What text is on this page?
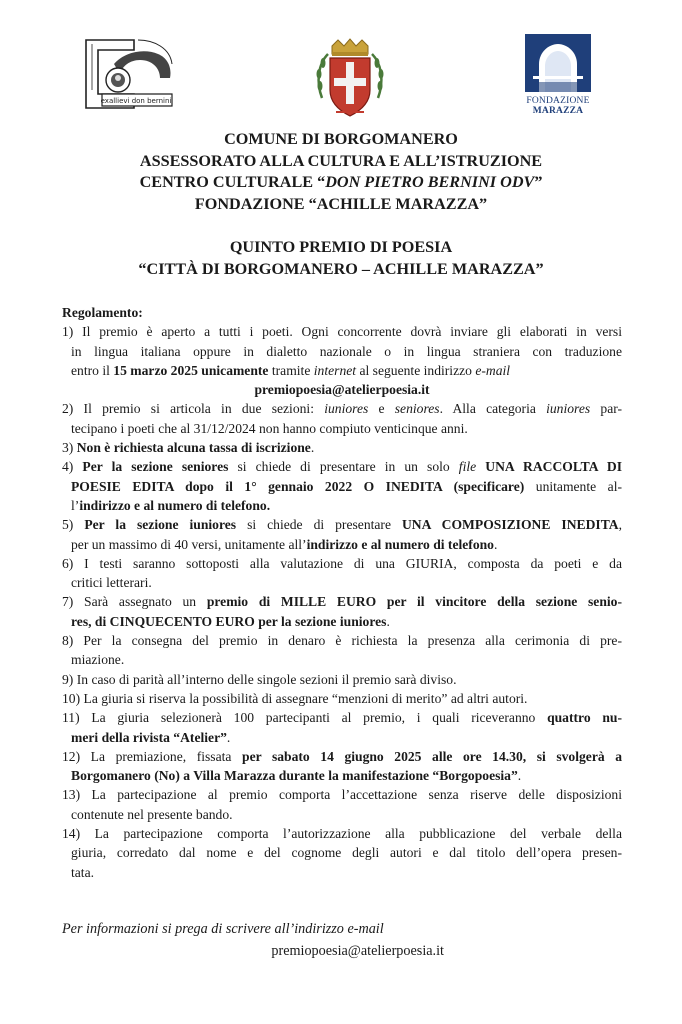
exallievi don bernini	FONDAZIONE
MARAZZA
COMUNE DI BORGOMANERO
ASSESSORATO ALLA CULTURA E ALL’ISTRUZIONE
CENTRO CULTURALE “DON PIETRO BERNINI ODV”
FONDAZIONE “ACHILLE MARAZZA”
QUINTO PREMIO DI POESIA
“CITTÀ DI BORGOMANERO – ACHILLE MARAZZA”
Regolamento:
1) Il premio è aperto a tutti i poeti. Ogni concorrente dovrà inviare gli elaborati in versi
in lingua italiana oppure in dialetto nazionale o in lingua straniera con traduzione
entro il 15 marzo 2025 unicamente tramite internet al seguente indirizzo e-mail
premiopoesia@atelierpoesia.it
2) Il premio si articola in due sezioni: iuniores e seniores. Alla categoria iuniores par-
tecipano i poeti che al 31/12/2024 non hanno compiuto venticinque anni.
3) Non è richiesta alcuna tassa di iscrizione.
4) Per la sezione seniores si chiede di presentare in un solo file UNA RACCOLTA DI
POESIE EDITA dopo il 1° gennaio 2022 O INEDITA (specificare) unitamente al-
l’indirizzo e al numero di telefono.
5) Per la sezione iuniores si chiede di presentare UNA COMPOSIZIONE INEDITA,
per un massimo di 40 versi, unitamente all’indirizzo e al numero di telefono.
6) I testi saranno sottoposti alla valutazione di una GIURIA, composta da poeti e da
critici letterari.
7) Sarà assegnato un premio di MILLE EURO per il vincitore della sezione senio-
res, di CINQUECENTO EURO per la sezione iuniores.
8) Per la consegna del premio in denaro è richiesta la presenza alla cerimonia di pre-
miazione.
9) In caso di parità all’interno delle singole sezioni il premio sarà diviso.
10) La giuria si riserva la possibilità di assegnare “menzioni di merito” ad altri autori.
11) La giuria selezionerà 100 partecipanti al premio, i quali riceveranno quattro nu-
meri della rivista “Atelier”.
12) La premiazione, fissata per sabato 14 giugno 2025 alle ore 14.30, si svolgerà a
Borgomanero (No) a Villa Marazza durante la manifestazione “Borgopoesia”.
13) La partecipazione al premio comporta l’accettazione senza riserve delle disposizioni
contenute nel presente bando.
14) La partecipazione comporta l’autorizzazione alla pubblicazione del verbale della
giuria, corredato dal nome e del cognome degli autori e dal titolo dell’opera presen-
tata.
Per informazioni si prega di scrivere all’indirizzo e-mail
premiopoesia@atelierpoesia.it
